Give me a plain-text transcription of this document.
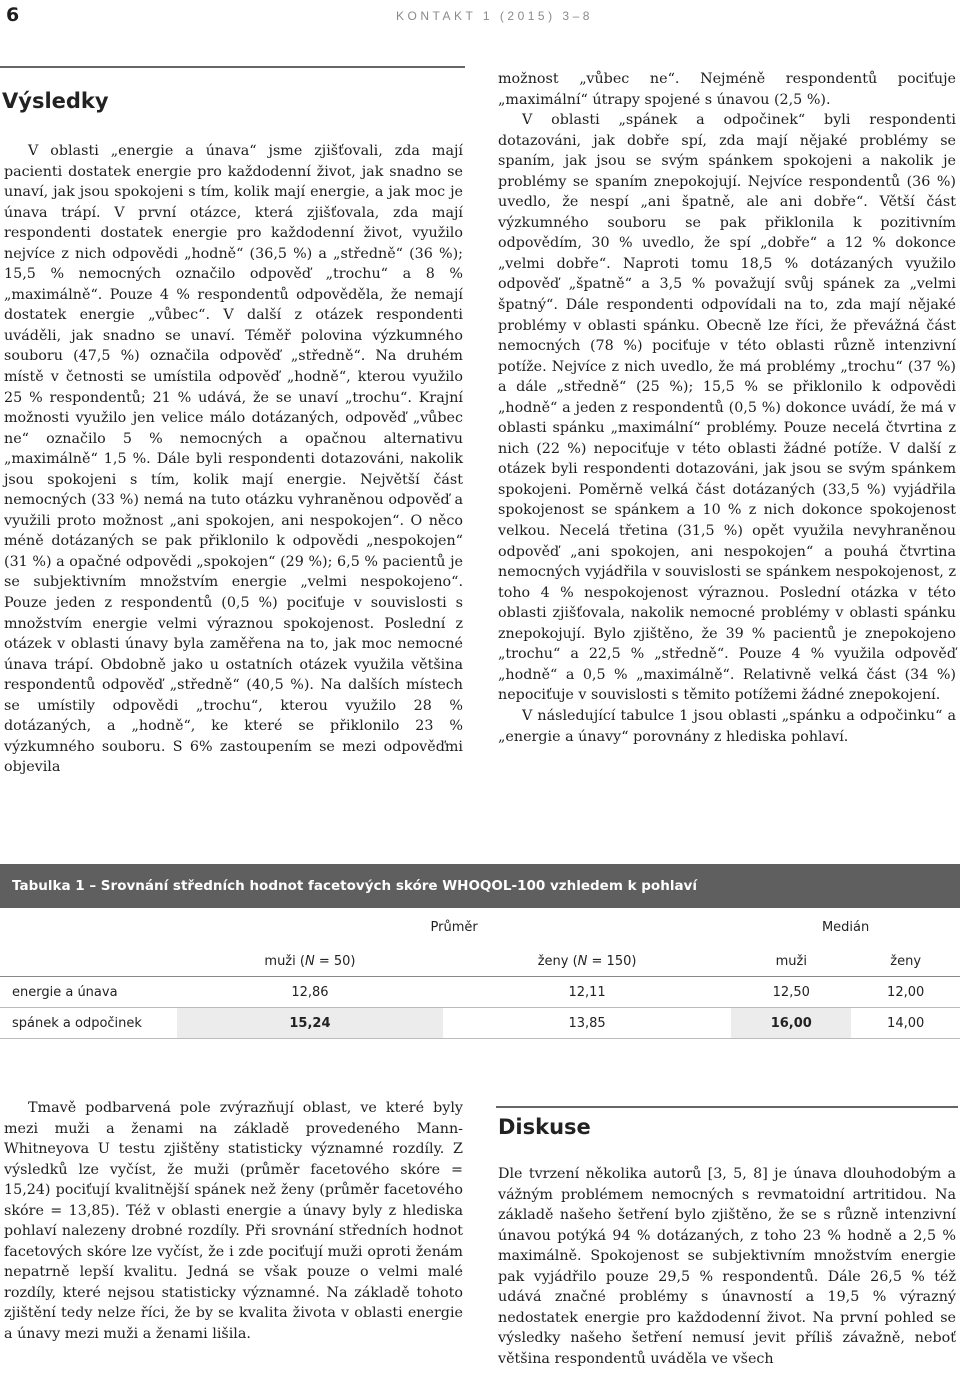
6	KONTAKT 1 (2015) 3–8
Výsledky

V oblasti „energie a únava“ jsme zjišťovali, zda mají pacienti dostatek energie pro každodenní život, jak snadno se unaví, jak jsou spokojeni s tím, kolik mají energie, a jak moc je únava trápí. V první otázce, která zjišťovala, zda mají respondenti dostatek energie pro každodenní život, využilo nejvíce z nich odpovědi „hodně“ (36,5 %) a „středně“ (36 %); 15,5 % nemocných označilo odpověď „trochu“ a 8 % „maximálně“. Pouze 4 % respondentů odpověděla, že nemají dostatek energie „vůbec“. V další z otázek respondenti uváděli, jak snadno se unaví. Téměř polovina výzkumného souboru (47,5 %) označila odpověď „středně“. Na druhém místě v četnosti se umístila odpověď „hodně“, kterou využilo 25 % respondentů; 21 % udává, že se unaví „trochu“. Krajní možnosti využilo jen velice málo dotázaných, odpověď „vůbec ne“ označilo 5 % nemocných a opačnou alternativu „maximálně“ 1,5 %. Dále byli respondenti dotazováni, nakolik jsou spokojeni s tím, kolik mají energie. Největší část nemocných (33 %) nemá na tuto otázku vyhraněnou odpověď a využili proto možnost „ani spokojen, ani nespokojen“. O něco méně dotázaných se pak přiklonilo k odpovědi „nespokojen“ (31 %) a opačné odpovědi „spokojen“ (29 %); 6,5 % pacientů je se subjektivním množstvím energie „velmi nespokojeno“. Pouze jeden z respondentů (0,5 %) pociťuje v souvislosti s množstvím energie velmi výraznou spokojenost. Poslední z otázek v oblasti únavy byla zaměřena na to, jak moc nemocné únava trápí. Obdobně jako u ostatních otázek využila většina respondentů odpověď „středně“ (40,5 %). Na dalších místech se umístily odpovědi „trochu“, kterou využilo 28 % dotázaných, a „hodně“, ke které se přiklonilo 23 % výzkumného souboru. S 6% zastoupením se mezi odpověďmi objevila

možnost „vůbec ne“. Nejméně respondentů pociťuje „maximální“ útrapy spojené s únavou (2,5 %).

V oblasti „spánek a odpočinek“ byli respondenti dotazováni, jak dobře spí, zda mají nějaké problémy se spaním, jak jsou se svým spánkem spokojeni a nakolik je problémy se spaním znepokojují. Nejvíce respondentů (36 %) uvedlo, že nespí „ani špatně, ale ani dobře“. Větší část výzkumného souboru se pak přiklonila k pozitivním odpovědím, 30 % uvedlo, že spí „dobře“ a 12 % dokonce „velmi dobře“. Naproti tomu 18,5 % dotázaných využilo odpověď „špatně“ a 3,5 % považují svůj spánek za „velmi špatný“. Dále respondenti odpovídali na to, zda mají nějaké problémy v oblasti spánku. Obecně lze říci, že převážná část nemocných (78 %) pociťuje v této oblasti různě intenzivní potíže. Nejvíce z nich uvedlo, že má problémy „trochu“ (37 %) a dále „středně“ (25 %); 15,5 % se přiklonilo k odpovědi „hodně“ a jeden z respondentů (0,5 %) dokonce uvádí, že má v oblasti spánku „maximální“ problémy. Pouze necelá čtvrtina z nich (22 %) nepociťuje v této oblasti žádné potíže. V další z otázek byli respondenti dotazováni, jak jsou se svým spánkem spokojeni. Poměrně velká část dotázaných (33,5 %) vyjádřila spokojenost se spánkem a 10 % z nich dokonce spokojenost velkou. Necelá třetina (31,5 %) opět využila nevyhraněnou odpověď „ani spokojen, ani nespokojen“ a pouhá čtvrtina nemocných vyjádřila v souvislosti se spánkem nespokojenost, z toho 4 % nespokojenost výraznou. Poslední otázka v této oblasti zjišťovala, nakolik nemocné problémy v oblasti spánku znepokojují. Bylo zjištěno, že 39 % pacientů je znepokojeno „trochu“ a 22,5 % „středně“. Pouze 4 % využila odpověď „hodně“ a 0,5 % „maximálně“. Relativně velká část (34 %) nepociťuje v souvislosti s těmito potížemi žádné znepokojení.

V následující tabulce 1 jsou oblasti „spánku a odpočinku“ a „energie a únavy“ porovnány z hlediska pohlaví.

Tabulka 1 – Srovnání středních hodnot facetových skóre WHOQOL-100 vzhledem k pohlaví
	Průměr		Medián	
	muži (N = 50)	ženy (N = 150)	muži	ženy
energie a únava	12,86	12,11	12,50	12,00
spánek a odpočinek	15,24	13,85	16,00	14,00

Tmavě podbarvená pole zvýrazňují oblast, ve které byly mezi muži a ženami na základě provedeného Mann-Whitneyova U testu zjištěny statisticky významné rozdíly. Z výsledků lze vyčíst, že muži (průměr facetového skóre = 15,24) pociťují kvalitnější spánek než ženy (průměr facetového skóre = 13,85). Též v oblasti energie a únavy byly z hlediska pohlaví nalezeny drobné rozdíly. Při srovnání středních hodnot facetových skóre lze vyčíst, že i zde pociťují muži oproti ženám nepatrně lepší kvalitu. Jedná se však pouze o velmi malé rozdíly, které nejsou statisticky významné. Na základě tohoto zjištění tedy nelze říci, že by se kvalita života v oblasti energie a únavy mezi muži a ženami lišila.

Diskuse

Dle tvrzení několika autorů [3, 5, 8] je únava dlouhodobým a vážným problémem nemocných s revmatoidní artritidou. Na základě našeho šetření bylo zjištěno, že se s různě intenzivní únavou potýká 94 % dotázaných, z toho 23 % hodně a 2,5 % maximálně. Spokojenost se subjektivním množstvím energie pak vyjádřilo pouze 29,5 % respondentů. Dále 26,5 % též udává značné problémy s únavností a 19,5 % výrazný nedostatek energie pro každodenní život. Na první pohled se výsledky našeho šetření nemusí jevit příliš závažně, neboť většina respondentů uváděla ve všech
